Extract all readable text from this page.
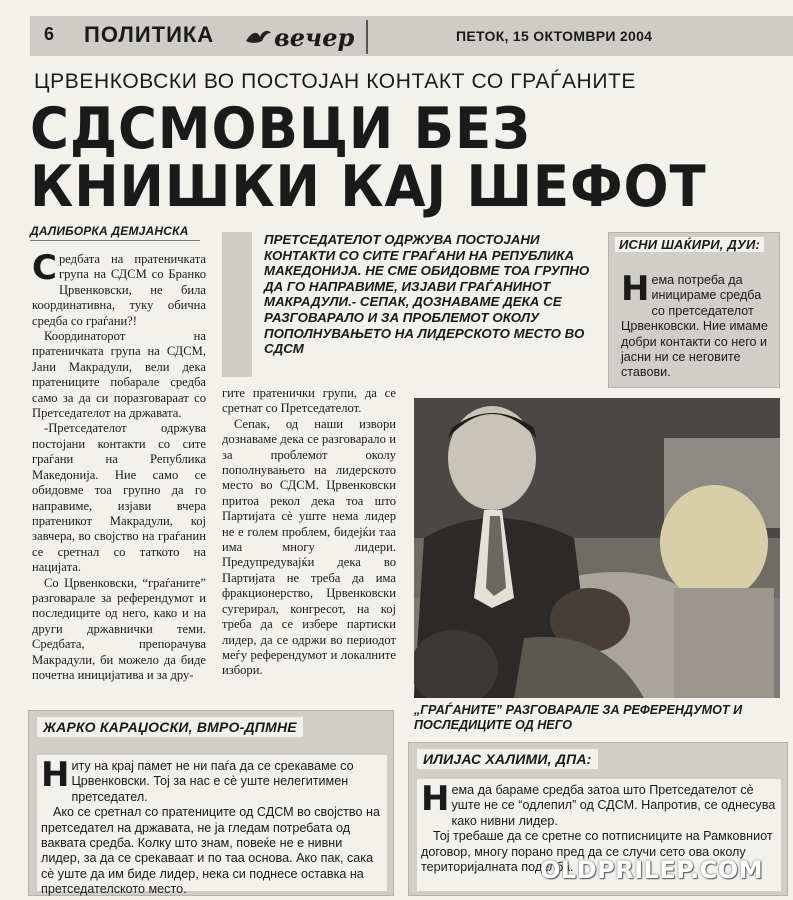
6 ПОЛИТИКА вечер	ПЕТОК, 15 ОКТОМВРИ 2004
ЦРВЕНКОВСКИ ВО ПОСТОЈАН КОНТАКТ СО ГРАЃАНИТЕ
СДСМОВЦИ БЕЗ
КНИШКИ КАЈ ШЕФОТ
ДАЛИБОРКА ДЕМЈАНСКА

Средбата на пратеничката група на СДСМ со Бранко Црвенковски, не била координативна, туку обична средба со граѓани?!

Координаторот на пратеничката група на СДСМ, Јани Макрадули, вели дека пратениците побарале средба само за да си поразговараат со Претседателот на државата.

-Претседателот одржува постојани контакти со сите граѓани на Република Македонија. Ние само се обидовме тоа групно да го направиме, изјави вчера пратеникот Макрадули, кој завчера, во својство на граѓанин се сретнал со таткото на нацијата.

Со Црвенковски, “граѓаните” разговарале за референдумот и последиците од него, како и на други државнички теми. Средбата, препорачува Макрадули, би можело да биде почетна иницијатива и за дру-

ПРЕТСЕДАТЕЛОТ ОДРЖУВА ПОСТОЈАНИ КОНТАКТИ СО СИТЕ ГРАЃАНИ НА РЕПУБЛИКА МАКЕДОНИЈА. НЕ СМЕ ОБИДОВМЕ ТОА ГРУПНО ДА ГО НАПРАВИМЕ, ИЗЈАВИ ГРАЃАНИНОТ МАКРАДУЛИ.- СЕПАК, ДОЗНАВАМЕ ДЕКА СЕ РАЗГОВАРАЛО И ЗА ПРОБЛЕМОТ ОКОЛУ ПОПОЛНУВАЊЕТО НА ЛИДЕРСКОТО МЕСТО ВО СДСМ

гите пратенички групи, да се сретнат со Претседателот.

Сепак, од наши извори дознаваме дека се разговарало и за проблемот околу пополнувањето на лидерското место во СДСМ. Црвенковски притоа рекол дека тоа што Партијата сè уште нема лидер не е голем проблем, бидејќи таа има многу лидери. Предупредувајќи дека во Партијата не треба да има фракционерство, Црвенковски сугерирал, конгресот, на кој треба да се избере партиски лидер, да се одржи во периодот меѓу референдумот и локалните избори.

ИСНИ ШАЌИРИ, ДУИ:
Нема потреба да иницираме средба со претседателот Црвенковски. Ние имаме добри контакти со него и јасни ни се неговите ставови.
„ГРАЃАНИТЕ” РАЗГОВАРАЛЕ ЗА РЕФЕРЕНДУМОТ И ПОСЛЕДИЦИТЕ ОД НЕГО
ЖАРКО КАРАЏОСКИ, ВМРО-ДПМНЕ

Ниту на крај памет не ни паѓа да се срекаваме со Црвенковски. Тој за нас е сè уште нелегитимен претседател.

Ако се сретнал со пратениците од СДСМ во својство на претседател на државата, не ја гледам потребата од ваквата средба. Колку што знам, повеќе не е нивни лидер, за да се срекаваат и по таа основа. Ако пак, сака сè уште да им биде лидер, нека си поднесе оставка на претседателското место.

ИЛИЈАС ХАЛИМИ, ДПА:

Нема да бараме средба затоа што Претседателот сè уште не се “одлепил” од СДСМ. Напротив, се однесува како нивни лидер.

Тој требаше да се сретне со потписниците на Рамковниот договор, многу порано пред да се случи сето ова околу територијалната поделба.

OLDPRILEP.COM
